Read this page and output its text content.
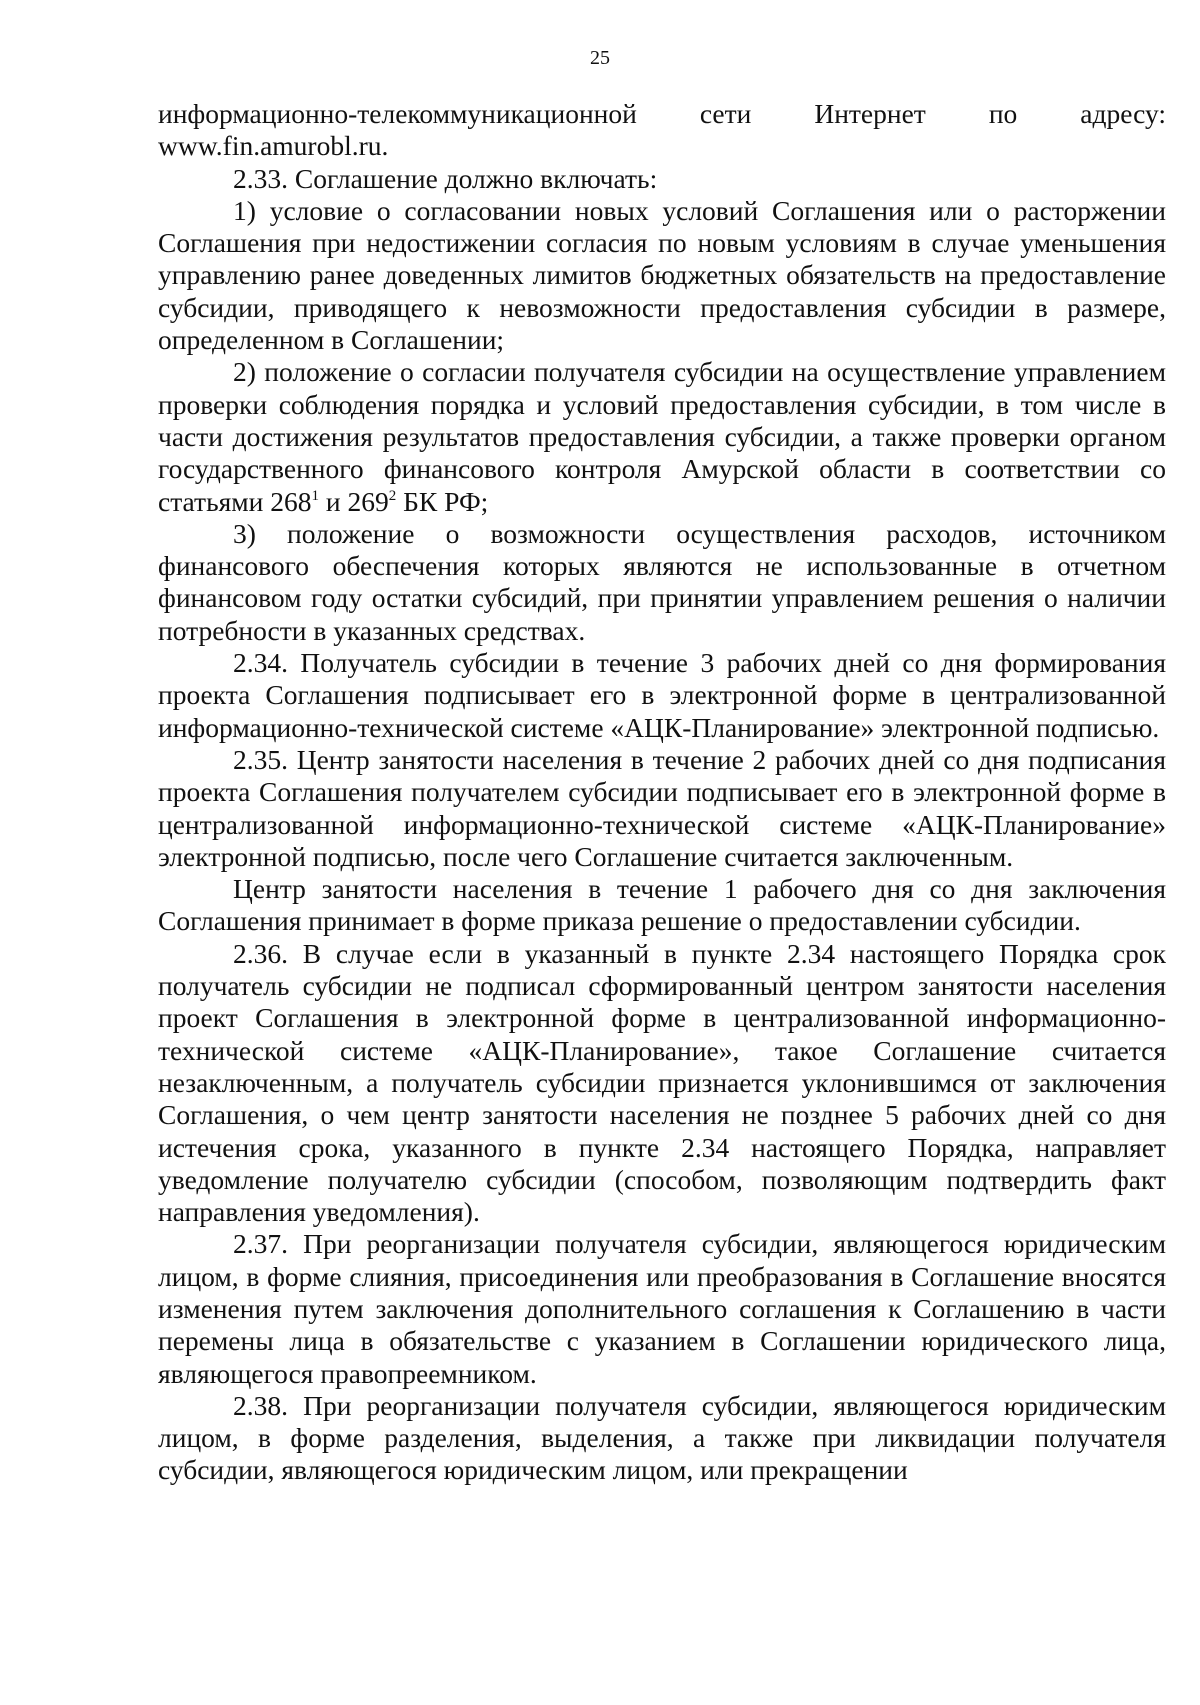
25

информационно-телекоммуникационной сети Интернет по адресу: www.fin.amurobl.ru.

2.33. Соглашение должно включать:

1) условие о согласовании новых условий Соглашения или о расторжении Соглашения при недостижении согласия по новым условиям в случае уменьшения управлению ранее доведенных лимитов бюджетных обязательств на предоставление субсидии, приводящего к невозможности предоставления субсидии в размере, определенном в Соглашении;

2) положение о согласии получателя субсидии на осуществление управлением проверки соблюдения порядка и условий предоставления субсидии, в том числе в части достижения результатов предоставления субсидии, а также проверки органом государственного финансового контроля Амурской области в соответствии со статьями $268^1$ и $269^2$ БК РФ;

3) положение о возможности осуществления расходов, источником финансового обеспечения которых являются не использованные в отчетном финансовом году остатки субсидий, при принятии управлением решения о наличии потребности в указанных средствах.

2.34. Получатель субсидии в течение 3 рабочих дней со дня формирования проекта Соглашения подписывает его в электронной форме в централизованной информационно-технической системе «АЦК-Планирование» электронной подписью.

2.35. Центр занятости населения в течение 2 рабочих дней со дня подписания проекта Соглашения получателем субсидии подписывает его в электронной форме в централизованной информационно-технической системе «АЦК-Планирование» электронной подписью, после чего Соглашение считается заключенным.

Центр занятости населения в течение 1 рабочего дня со дня заключения Соглашения принимает в форме приказа решение о предоставлении субсидии.

2.36. В случае если в указанный в пункте 2.34 настоящего Порядка срок получатель субсидии не подписал сформированный центром занятости населения проект Соглашения в электронной форме в централизованной информационно-технической системе «АЦК-Планирование», такое Соглашение считается незаключенным, а получатель субсидии признается уклонившимся от заключения Соглашения, о чем центр занятости населения не позднее 5 рабочих дней со дня истечения срока, указанного в пункте 2.34 настоящего Порядка, направляет уведомление получателю субсидии (способом, позволяющим подтвердить факт направления уведомления).

2.37. При реорганизации получателя субсидии, являющегося юридическим лицом, в форме слияния, присоединения или преобразования в Соглашение вносятся изменения путем заключения дополнительного соглашения к Соглашению в части перемены лица в обязательстве с указанием в Соглашении юридического лица, являющегося правопреемником.

2.38. При реорганизации получателя субсидии, являющегося юридическим лицом, в форме разделения, выделения, а также при ликвидации получателя субсидии, являющегося юридическим лицом, или прекращении
